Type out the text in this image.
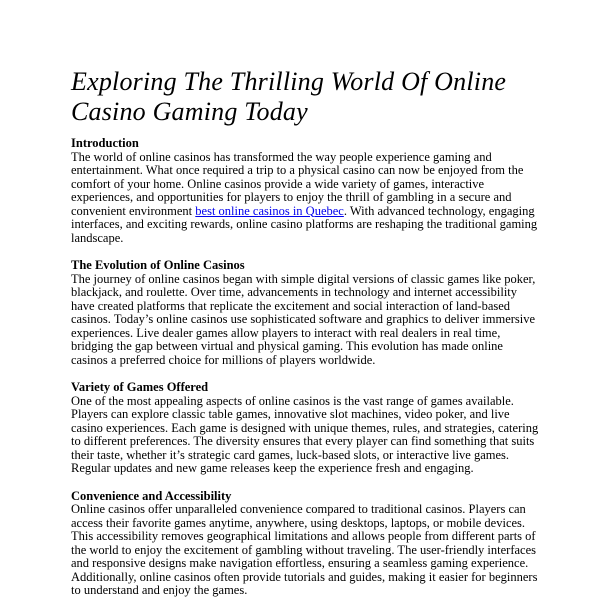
Exploring The Thrilling World Of Online
Casino Gaming Today
Introduction

The world of online casinos has transformed the way people experience gaming and entertainment. What once required a trip to a physical casino can now be enjoyed from the comfort of your home. Online casinos provide a wide variety of games, interactive experiences, and opportunities for players to enjoy the thrill of gambling in a secure and convenient environment best online casinos in Quebec. With advanced technology, engaging interfaces, and exciting rewards, online casino platforms are reshaping the traditional gaming landscape.

The Evolution of Online Casinos

The journey of online casinos began with simple digital versions of classic games like poker, blackjack, and roulette. Over time, advancements in technology and internet accessibility have created platforms that replicate the excitement and social interaction of land-based casinos. Today’s online casinos use sophisticated software and graphics to deliver immersive experiences. Live dealer games allow players to interact with real dealers in real time, bridging the gap between virtual and physical gaming. This evolution has made online casinos a preferred choice for millions of players worldwide.

Variety of Games Offered

One of the most appealing aspects of online casinos is the vast range of games available. Players can explore classic table games, innovative slot machines, video poker, and live casino experiences. Each game is designed with unique themes, rules, and strategies, catering to different preferences. The diversity ensures that every player can find something that suits their taste, whether it’s strategic card games, luck-based slots, or interactive live games. Regular updates and new game releases keep the experience fresh and engaging.

Convenience and Accessibility

Online casinos offer unparalleled convenience compared to traditional casinos. Players can access their favorite games anytime, anywhere, using desktops, laptops, or mobile devices. This accessibility removes geographical limitations and allows people from different parts of the world to enjoy the excitement of gambling without traveling. The user-friendly interfaces and responsive designs make navigation effortless, ensuring a seamless gaming experience. Additionally, online casinos often provide tutorials and guides, making it easier for beginners to understand and enjoy the games.
